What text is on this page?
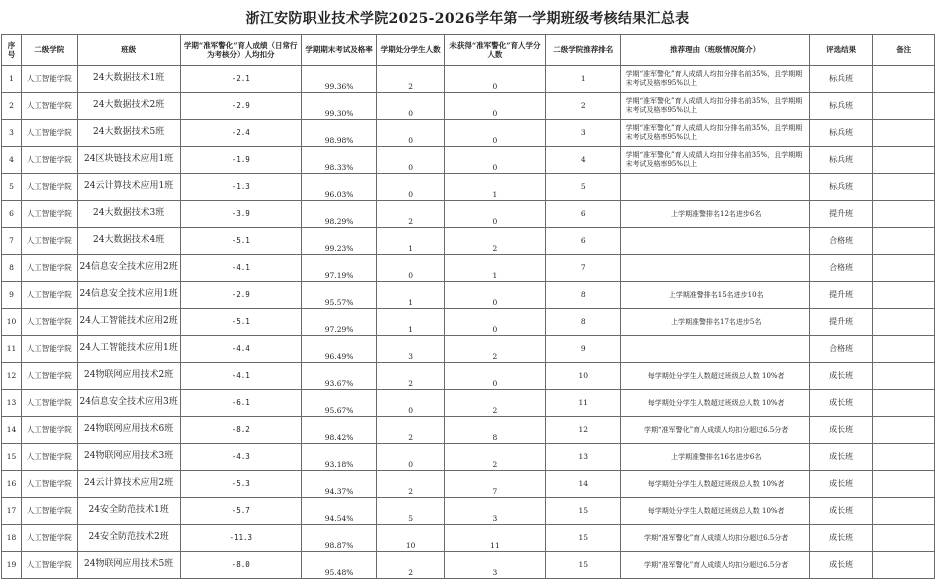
浙江安防职业技术学院2025-2026学年第一学期班级考核结果汇总表
序号	二级学院	班级	学期“准军警化”育人成绩（日常行为考核分）人均扣分	学期期末考试及格率	学期处分学生人数	未获得“准军警化”育人学分人数	二级学院推荐排名	推荐理由（班级情况简介）	评选结果	备注
1	人工智能学院	24大数据技术1班	-2.1	99.36%	2	0	1	学期“准军警化”育人成绩人均扣分排名前35%，且学期期末考试及格率95%以上	标兵班	
2	人工智能学院	24大数据技术2班	-2.9	99.30%	0	0	2	学期“准军警化”育人成绩人均扣分排名前35%，且学期期末考试及格率95%以上	标兵班	
3	人工智能学院	24大数据技术5班	-2.4	98.98%	0	0	3	学期“准军警化”育人成绩人均扣分排名前35%，且学期期末考试及格率95%以上	标兵班	
4	人工智能学院	24区块链技术应用1班	-1.9	98.33%	0	0	4	学期“准军警化”育人成绩人均扣分排名前35%，且学期期末考试及格率95%以上	标兵班	
5	人工智能学院	24云计算技术应用1班	-1.3	96.03%	0	1	5		标兵班	
6	人工智能学院	24大数据技术3班	-3.9	98.29%	2	0	6	上学期准警排名12名进步6名	提升班	
7	人工智能学院	24大数据技术4班	-5.1	99.23%	1	2	6		合格班	
8	人工智能学院	24信息安全技术应用2班	-4.1	97.19%	0	1	7		合格班	
9	人工智能学院	24信息安全技术应用1班	-2.9	95.57%	1	0	8	上学期准警排名15名进步10名	提升班	
10	人工智能学院	24人工智能技术应用2班	-5.1	97.29%	1	0	8	上学期准警排名17名进步5名	提升班	
11	人工智能学院	24人工智能技术应用1班	-4.4	96.49%	3	2	9		合格班	
12	人工智能学院	24物联网应用技术2班	-4.1	93.67%	2	0	10	每学期处分学生人数超过班级总人数 10%者	成长班	
13	人工智能学院	24信息安全技术应用3班	-6.1	95.67%	0	2	11	每学期处分学生人数超过班级总人数 10%者	成长班	
14	人工智能学院	24物联网应用技术6班	-8.2	98.42%	2	8	12	学期“准军警化”育人成绩人均扣分超过6.5分者	成长班	
15	人工智能学院	24物联网应用技术3班	-4.3	93.18%	0	2	13	上学期准警排名16名进步6名	成长班	
16	人工智能学院	24云计算技术应用2班	-5.3	94.37%	2	7	14	每学期处分学生人数超过班级总人数 10%者	成长班	
17	人工智能学院	24安全防范技术1班	-5.7	94.54%	5	3	15	每学期处分学生人数超过班级总人数 10%者	成长班	
18	人工智能学院	24安全防范技术2班	-11.3	98.87%	10	11	15	学期“准军警化”育人成绩人均扣分超过6.5分者	成长班	
19	人工智能学院	24物联网应用技术5班	-8.0	95.48%	2	3	15	学期“准军警化”育人成绩人均扣分超过6.5分者	成长班	
